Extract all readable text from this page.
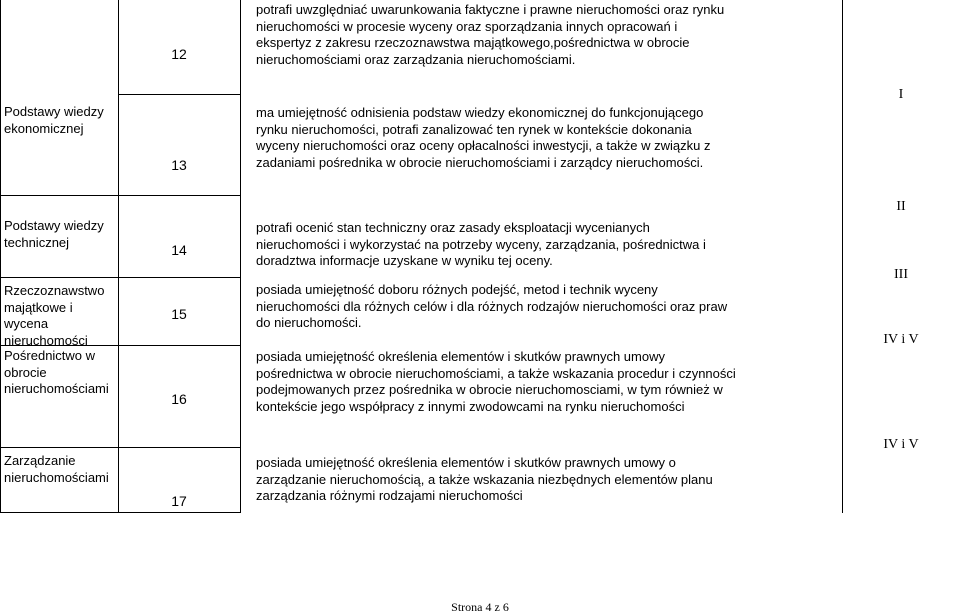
Podstawy wiedzy ekonomicznej
Podstawy wiedzy technicznej
Rzeczoznawstwo majątkowe i wycena nieruchomości
Pośrednictwo w obrocie nieruchomościami
Zarządzanie nieruchomościami
12
13
14
15
16
17
potrafi uwzględniać uwarunkowania faktyczne i prawne nieruchomości oraz rynku nieruchomości w procesie wyceny oraz sporządzania innych opracowań i ekspertyz z zakresu rzeczoznawstwa majątkowego,pośrednictwa w obrocie nieruchomościami oraz zarządzania nieruchomościami.
ma umiejętność odnisienia podstaw wiedzy ekonomicznej do funkcjonującego rynku nieruchomości, potrafi zanalizować ten rynek w kontekście dokonania wyceny nieruchomości oraz oceny opłacalności inwestycji, a także w związku z zadaniami pośrednika w obrocie nieruchomościami i zarządcy nieruchomości.
potrafi ocenić stan techniczny oraz zasady eksploatacji wycenianych nieruchomości i wykorzystać na potrzeby wyceny, zarządzania, pośrednictwa i doradztwa informacje uzyskane w wyniku tej oceny.
posiada umiejętność doboru różnych podejść, metod i technik wyceny nieruchomości dla różnych celów i dla różnych rodzajów nieruchomości oraz praw do nieruchomości.
posiada umiejętność określenia elementów i skutków prawnych umowy pośrednictwa w obrocie nieruchomościami, a także wskazania procedur i czynności podejmowanych przez pośrednika w obrocie nieruchomosciami, w tym również w kontekście jego współpracy z innymi zwodowcami na rynku nieruchomości
posiada umiejętność określenia elementów i skutków prawnych umowy o zarządzanie nieruchomością, a także wskazania niezbędnych elementów planu zarządzania różnymi rodzajami nieruchomości
I
II
III
IV i V
IV i V
Strona 4 z 6
